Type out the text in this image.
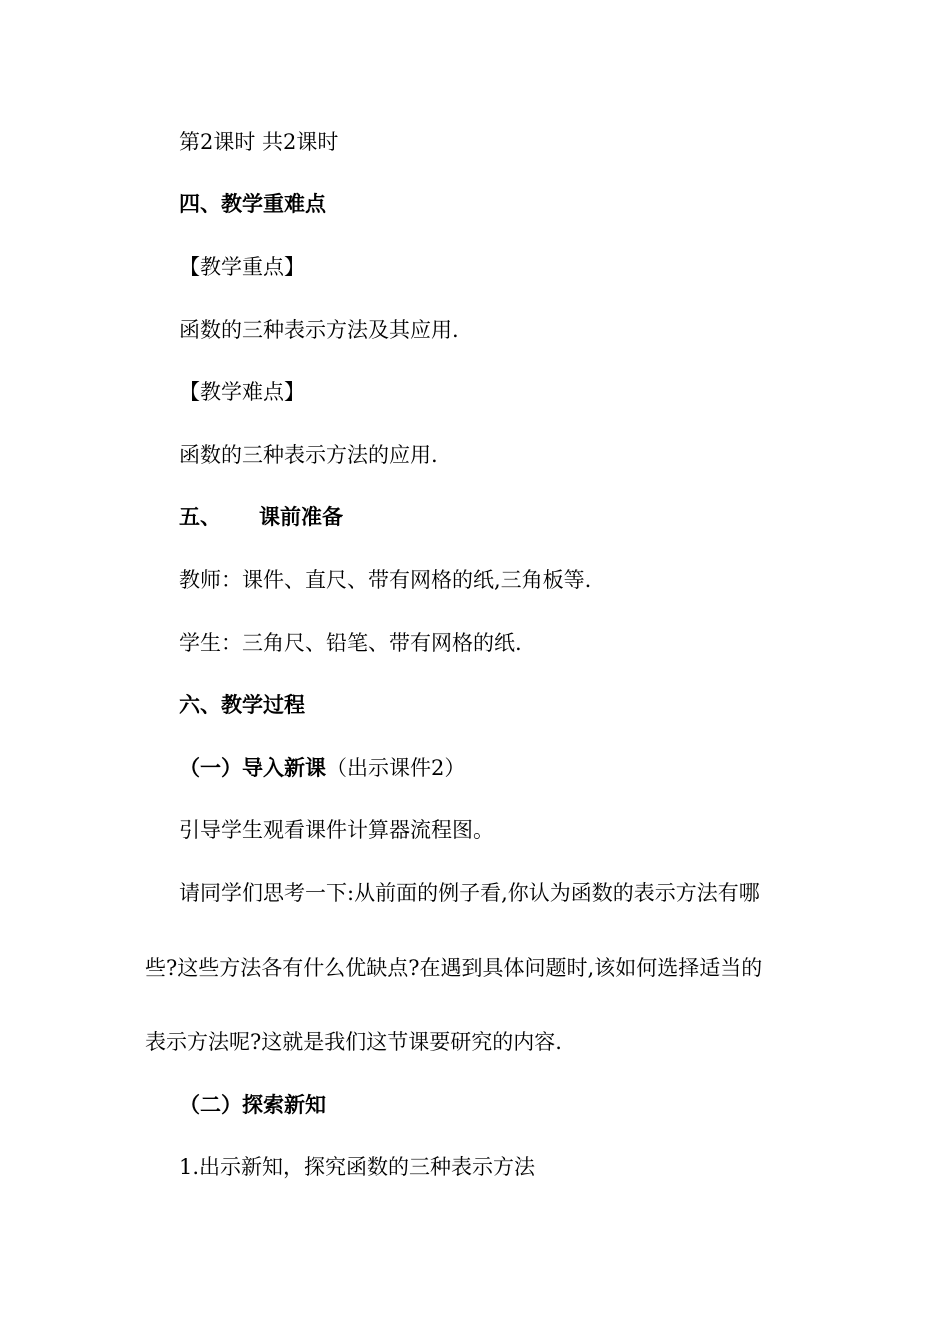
第2课时 共2课时

四、教学重难点

【教学重点】

函数的三种表示方法及其应用.

【教学难点】

函数的三种表示方法的应用.

五、 课前准备

教师：课件、直尺、带有网格的纸,三角板等.

学生：三角尺、铅笔、带有网格的纸.

六、教学过程

（一）导入新课（出示课件2）

引导学生观看课件计算器流程图。

请同学们思考一下:从前面的例子看,你认为函数的表示方法有哪

些?这些方法各有什么优缺点?在遇到具体问题时,该如何选择适当的

表示方法呢?这就是我们这节课要研究的内容.

（二）探索新知

1.出示新知，探究函数的三种表示方法
